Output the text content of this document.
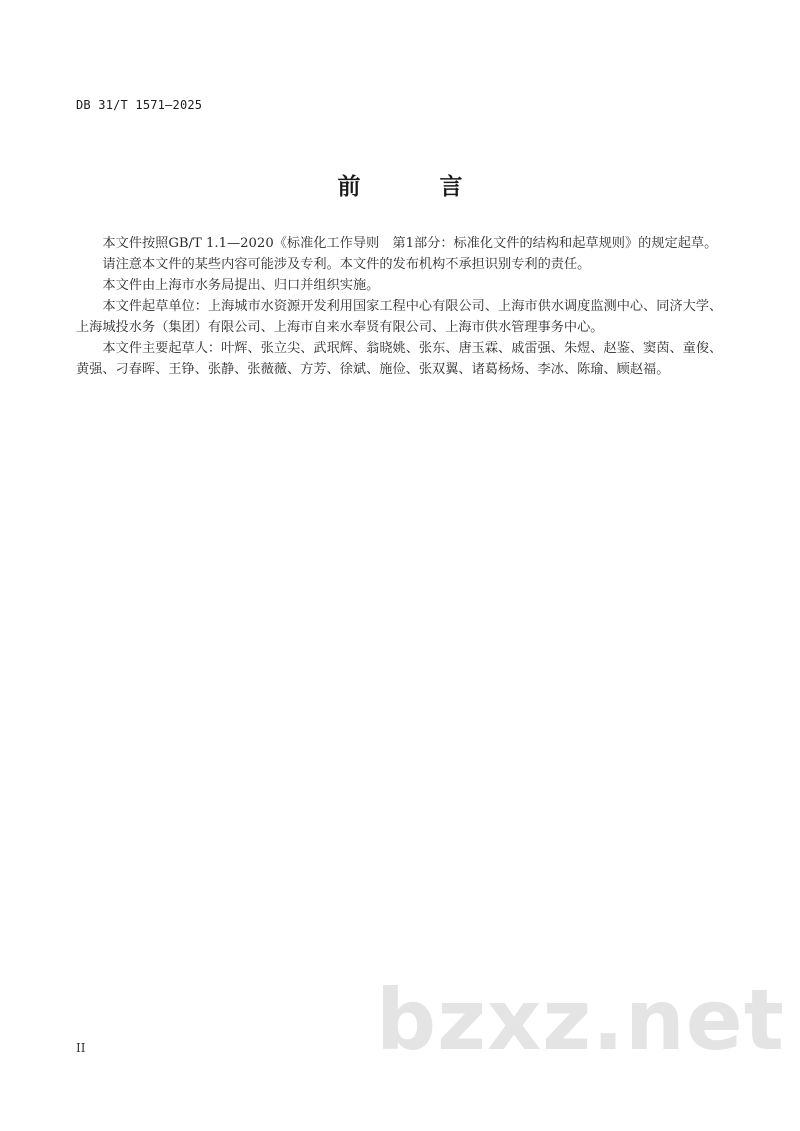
DB 31/T 1571—2025
前　言

本文件按照GB/T 1.1—2020《标准化工作导则　第1部分：标准化文件的结构和起草规则》的规定起草。

请注意本文件的某些内容可能涉及专利。本文件的发布机构不承担识别专利的责任。

本文件由上海市水务局提出、归口并组织实施。

本文件起草单位：上海城市水资源开发利用国家工程中心有限公司、上海市供水调度监测中心、同济大学、上海城投水务（集团）有限公司、上海市自来水奉贤有限公司、上海市供水管理事务中心。

本文件主要起草人：叶辉、张立尖、武珉辉、翁晓姚、张东、唐玉霖、戚雷强、朱煜、赵鉴、窦茵、童俊、黄强、刁春晖、王铮、张静、张薇薇、方芳、徐斌、施俭、张双翼、诸葛杨炀、李冰、陈瑜、顾赵福。

bzxz.net
II
